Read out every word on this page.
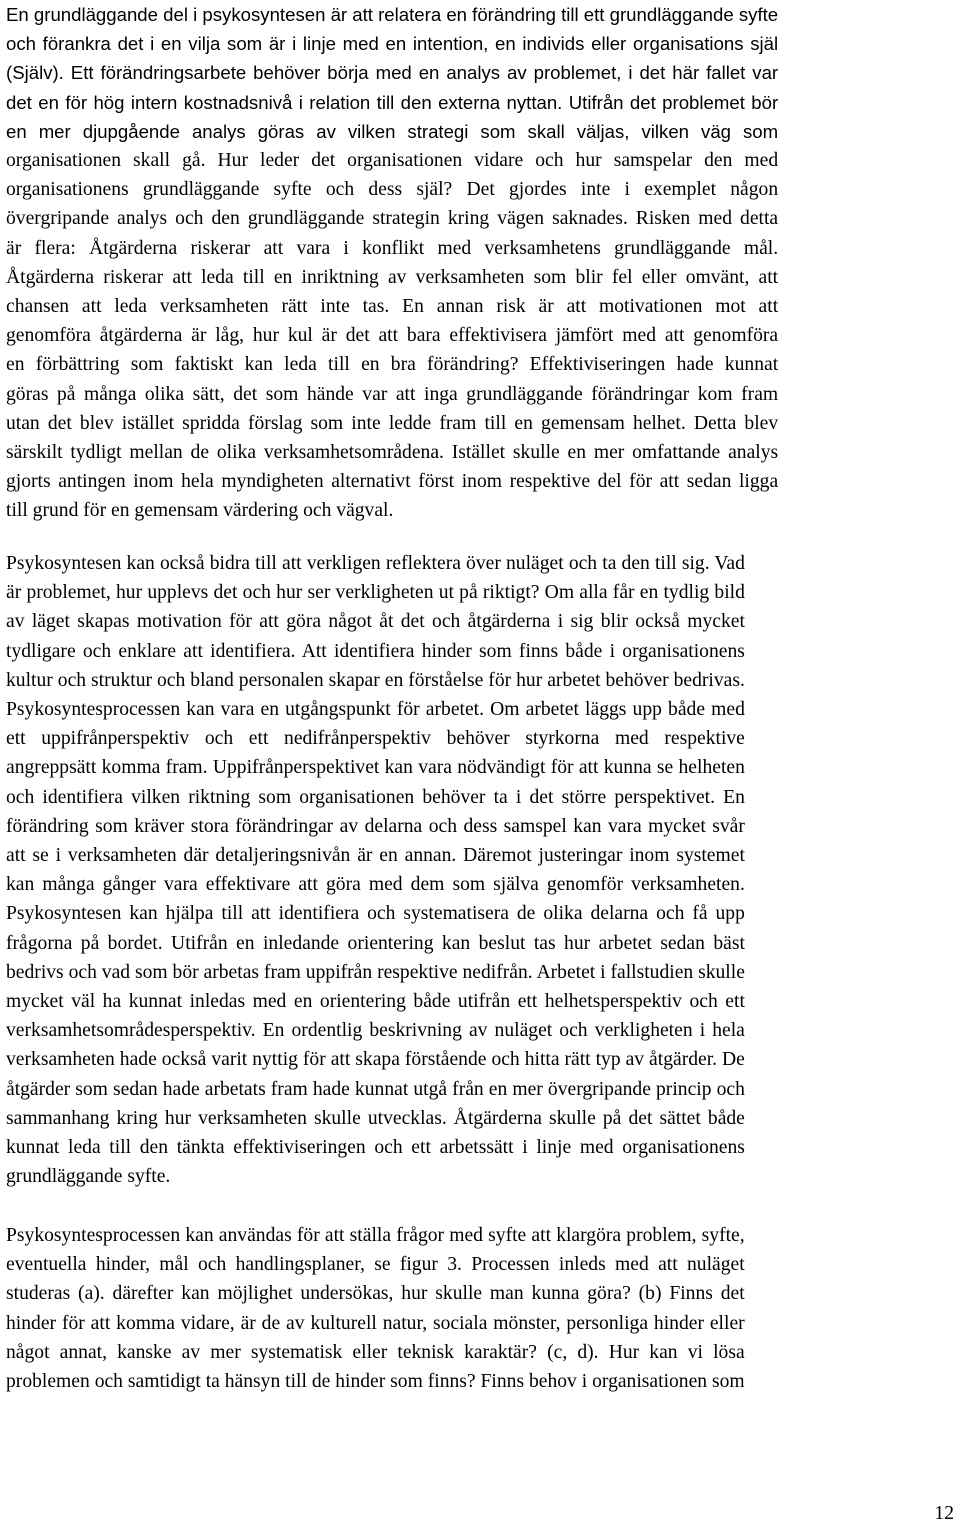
En grundläggande del i psykosyntesen är att relatera en förändring till ett grundläggande syfte
och förankra det i en vilja som är i linje med en intention, en individs eller organisations själ
(Själv). Ett förändringsarbete behöver börja med en analys av problemet, i det här fallet var
det en för hög intern kostnadsnivå i relation till den externa nyttan. Utifrån det problemet bör
en mer djupgående analys göras av vilken strategi som skall väljas, vilken väg som
organisationen skall gå. Hur leder det organisationen vidare och hur samspelar den med
organisationens grundläggande syfte och dess själ? Det gjordes inte i exemplet någon
övergripande analys och den grundläggande strategin kring vägen saknades. Risken med detta
är flera: Åtgärderna riskerar att vara i konflikt med verksamhetens grundläggande mål.
Åtgärderna riskerar att leda till en inriktning av verksamheten som blir fel eller omvänt, att
chansen att leda verksamheten rätt inte tas. En annan risk är att motivationen mot att
genomföra åtgärderna är låg, hur kul är det att bara effektivisera jämfört med att genomföra
en förbättring som faktiskt kan leda till en bra förändring? Effektiviseringen hade kunnat
göras på många olika sätt, det som hände var att inga grundläggande förändringar kom fram
utan det blev istället spridda förslag som inte ledde fram till en gemensam helhet. Detta blev
särskilt tydligt mellan de olika verksamhetsområdena. Istället skulle en mer omfattande analys
gjorts antingen inom hela myndigheten alternativt först inom respektive del för att sedan ligga
till grund för en gemensam värdering och vägval.

Psykosyntesen kan också bidra till att verkligen reflektera över nuläget och ta den till sig. Vad
är problemet, hur upplevs det och hur ser verkligheten ut på riktigt? Om alla får en tydlig bild
av läget skapas motivation för att göra något åt det och åtgärderna i sig blir också mycket
tydligare och enklare att identifiera. Att identifiera hinder som finns både i organisationens
kultur och struktur och bland personalen skapar en förståelse för hur arbetet behöver bedrivas.
Psykosyntesprocessen kan vara en utgångspunkt för arbetet. Om arbetet läggs upp både med
ett uppifrånperspektiv och ett nedifrånperspektiv behöver styrkorna med respektive
angreppsätt komma fram. Uppifrånperspektivet kan vara nödvändigt för att kunna se helheten
och identifiera vilken riktning som organisationen behöver ta i det större perspektivet. En
förändring som kräver stora förändringar av delarna och dess samspel kan vara mycket svår
att se i verksamheten där detaljeringsnivån är en annan. Däremot justeringar inom systemet
kan många gånger vara effektivare att göra med dem som själva genomför verksamheten.
Psykosyntesen kan hjälpa till att identifiera och systematisera de olika delarna och få upp
frågorna på bordet. Utifrån en inledande orientering kan beslut tas hur arbetet sedan bäst
bedrivs och vad som bör arbetas fram uppifrån respektive nedifrån. Arbetet i fallstudien skulle
mycket väl ha kunnat inledas med en orientering både utifrån ett helhetsperspektiv och ett
verksamhetsområdesperspektiv. En ordentlig beskrivning av nuläget och verkligheten i hela
verksamheten hade också varit nyttig för att skapa förstående och hitta rätt typ av åtgärder. De
åtgärder som sedan hade arbetats fram hade kunnat utgå från en mer övergripande princip och
sammanhang kring hur verksamheten skulle utvecklas. Åtgärderna skulle på det sättet både
kunnat leda till den tänkta effektiviseringen och ett arbetssätt i linje med organisationens
grundläggande syfte.

Psykosyntesprocessen kan användas för att ställa frågor med syfte att klargöra problem, syfte,
eventuella hinder, mål och handlingsplaner, se figur 3. Processen inleds med att nuläget
studeras (a). därefter kan möjlighet undersökas, hur skulle man kunna göra? (b) Finns det
hinder för att komma vidare, är de av kulturell natur, sociala mönster, personliga hinder eller
något annat, kanske av mer systematisk eller teknisk karaktär? (c, d). Hur kan vi lösa
problemen och samtidigt ta hänsyn till de hinder som finns? Finns behov i organisationen som

12
